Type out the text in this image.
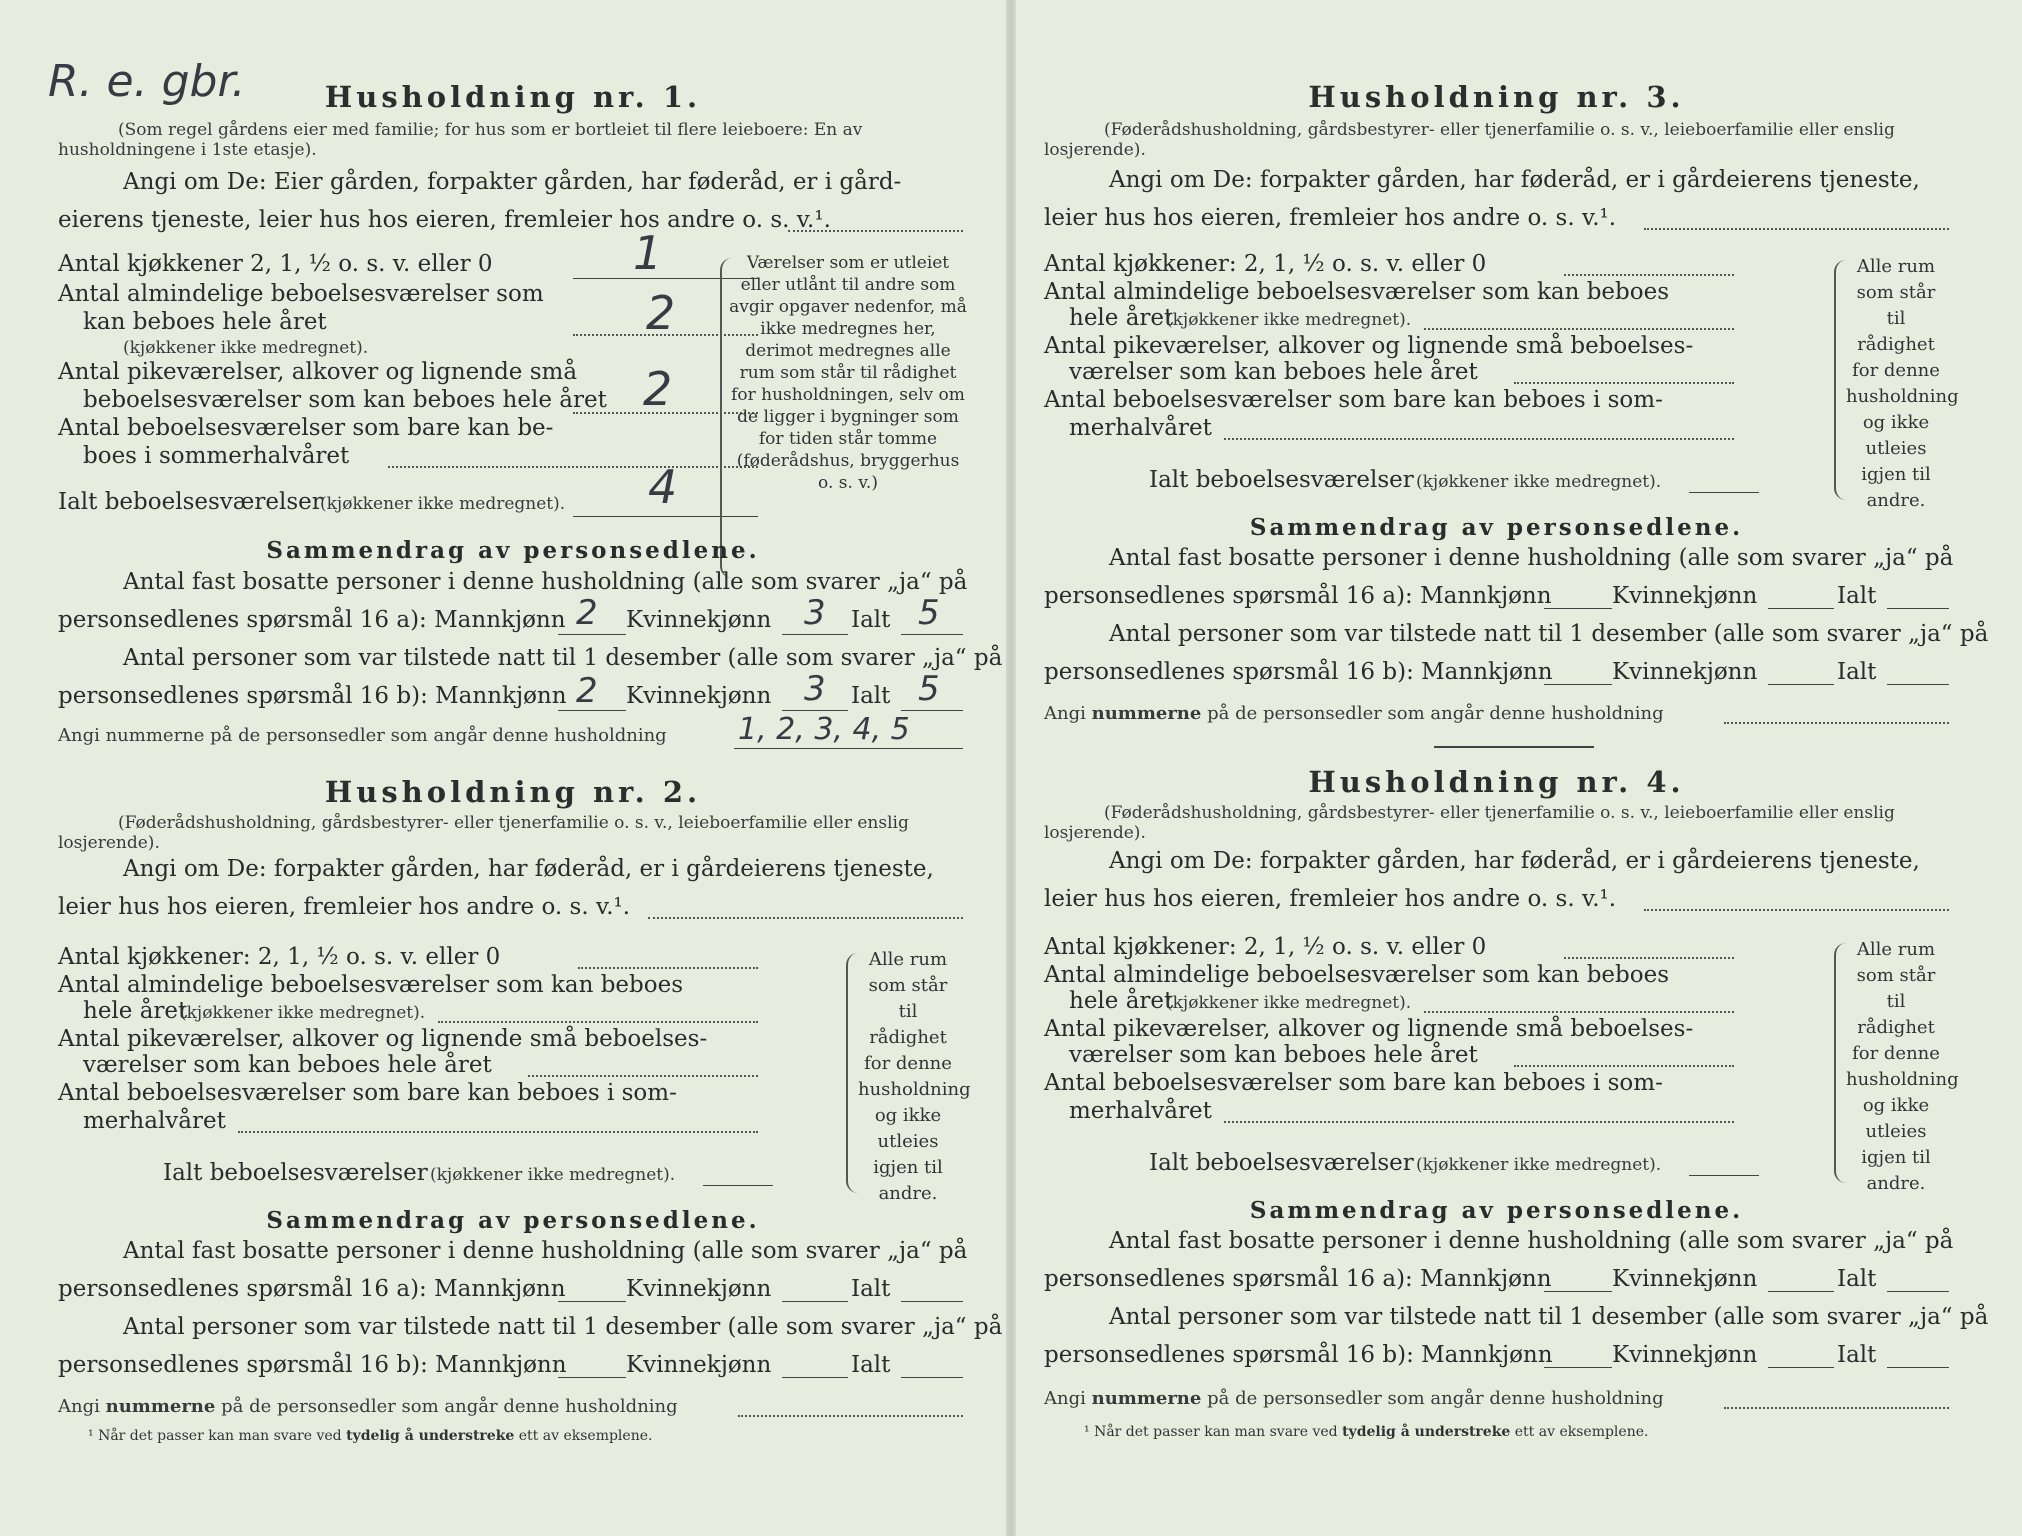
R. e. gbr.	Husholdning nr. 1.
(Som regel gårdens eier med familie; for hus som er bortleiet til flere leieboere: En av husholdningene i 1ste etasje).
Angi om De: Eier gården, forpakter gården, har føderåd, er i gård-
eierens tjeneste, leier hus hos eieren, fremleier hos andre o. s. v.¹.
Antal kjøkkener 2, 1, ½ o. s. v. eller 0	1
Antal almindelige beboelsesværelser som
kan beboes hele året
(kjøkkener ikke medregnet).
2
Antal pikeværelser, alkover og lignende små
beboelsesværelser som kan beboes hele året 2
Antal beboelsesværelser som bare kan be-
boes i sommerhalvåret
Ialt beboelsesværelser
(kjøkkener ikke medregnet). 4
Værelser som er utleiet eller utlånt til andre som avgir opgaver nedenfor, må ikke medregnes her, derimot medregnes alle rum som står til rådighet for husholdningen, selv om de ligger i bygninger som for tiden står tomme (føderådshus, bryggerhus o. s. v.)
Sammendrag av personsedlene.
Antal fast bosatte personer i denne husholdning (alle som svarer „ja“ på
personsedlenes spørsmål 16 a): Mannkjønn	Kvinnekjønn	Ialt
2	3	5
Antal personer som var tilstede natt til 1 desember (alle som svarer „ja“ på
personsedlenes spørsmål 16 b): Mannkjønn	Kvinnekjønn	Ialt
2	3	5
Angi nummerne på de personsedler som angår denne husholdning 1, 2, 3, 4, 5
Husholdning nr. 2.
(Føderådshusholdning, gårdsbestyrer- eller tjenerfamilie o. s. v., leieboerfamilie eller enslig losjerende).
Angi om De: forpakter gården, har føderåd, er i gårdeierens tjeneste,
leier hus hos eieren, fremleier hos andre o. s. v.¹.
Antal kjøkkener: 2, 1, ½ o. s. v. eller 0
Antal almindelige beboelsesværelser som kan beboes
hele året
(kjøkkener ikke medregnet).
Antal pikeværelser, alkover og lignende små beboelses-
værelser som kan beboes hele året
Antal beboelsesværelser som bare kan beboes i som-
merhalvåret
Ialt beboelsesværelser (kjøkkener ikke medregnet).
Alle rum som står til rådighet for denne husholdning og ikke utleies igjen til andre.
Sammendrag av personsedlene.
Antal fast bosatte personer i denne husholdning (alle som svarer „ja“ på
personsedlenes spørsmål 16 a): Mannkjønn	Kvinnekjønn	Ialt
Antal personer som var tilstede natt til 1 desember (alle som svarer „ja“ på
personsedlenes spørsmål 16 b): Mannkjønn	Kvinnekjønn	Ialt
Angi nummerne på de personsedler som angår denne husholdning
¹ Når det passer kan man svare ved tydelig å understreke ett av eksemplene.
Husholdning nr. 3.
(Føderådshusholdning, gårdsbestyrer- eller tjenerfamilie o. s. v., leieboerfamilie eller enslig losjerende).
Angi om De: forpakter gården, har føderåd, er i gårdeierens tjeneste,
leier hus hos eieren, fremleier hos andre o. s. v.¹.
Antal kjøkkener: 2, 1, ½ o. s. v. eller 0
Antal almindelige beboelsesværelser som kan beboes
hele året
(kjøkkener ikke medregnet).
Antal pikeværelser, alkover og lignende små beboelses-
værelser som kan beboes hele året
Antal beboelsesværelser som bare kan beboes i som-
merhalvåret
Ialt beboelsesværelser (kjøkkener ikke medregnet).
Alle rum som står til rådighet for denne husholdning og ikke utleies igjen til andre.
Sammendrag av personsedlene.
Antal fast bosatte personer i denne husholdning (alle som svarer „ja“ på
personsedlenes spørsmål 16 a): Mannkjønn	Kvinnekjønn	Ialt
Antal personer som var tilstede natt til 1 desember (alle som svarer „ja“ på
personsedlenes spørsmål 16 b): Mannkjønn	Kvinnekjønn	Ialt
Angi nummerne på de personsedler som angår denne husholdning
Husholdning nr. 4.
(Føderådshusholdning, gårdsbestyrer- eller tjenerfamilie o. s. v., leieboerfamilie eller enslig losjerende).
Angi om De: forpakter gården, har føderåd, er i gårdeierens tjeneste,
leier hus hos eieren, fremleier hos andre o. s. v.¹.
Antal kjøkkener: 2, 1, ½ o. s. v. eller 0
Antal almindelige beboelsesværelser som kan beboes
hele året
(kjøkkener ikke medregnet).
Antal pikeværelser, alkover og lignende små beboelses-
værelser som kan beboes hele året
Antal beboelsesværelser som bare kan beboes i som-
merhalvåret
Ialt beboelsesværelser (kjøkkener ikke medregnet).
Alle rum som står til rådighet for denne husholdning og ikke utleies igjen til andre.
Sammendrag av personsedlene.
Antal fast bosatte personer i denne husholdning (alle som svarer „ja“ på
personsedlenes spørsmål 16 a): Mannkjønn	Kvinnekjønn	Ialt
Antal personer som var tilstede natt til 1 desember (alle som svarer „ja“ på
personsedlenes spørsmål 16 b): Mannkjønn	Kvinnekjønn	Ialt
Angi nummerne på de personsedler som angår denne husholdning
¹ Når det passer kan man svare ved tydelig å understreke ett av eksemplene.
